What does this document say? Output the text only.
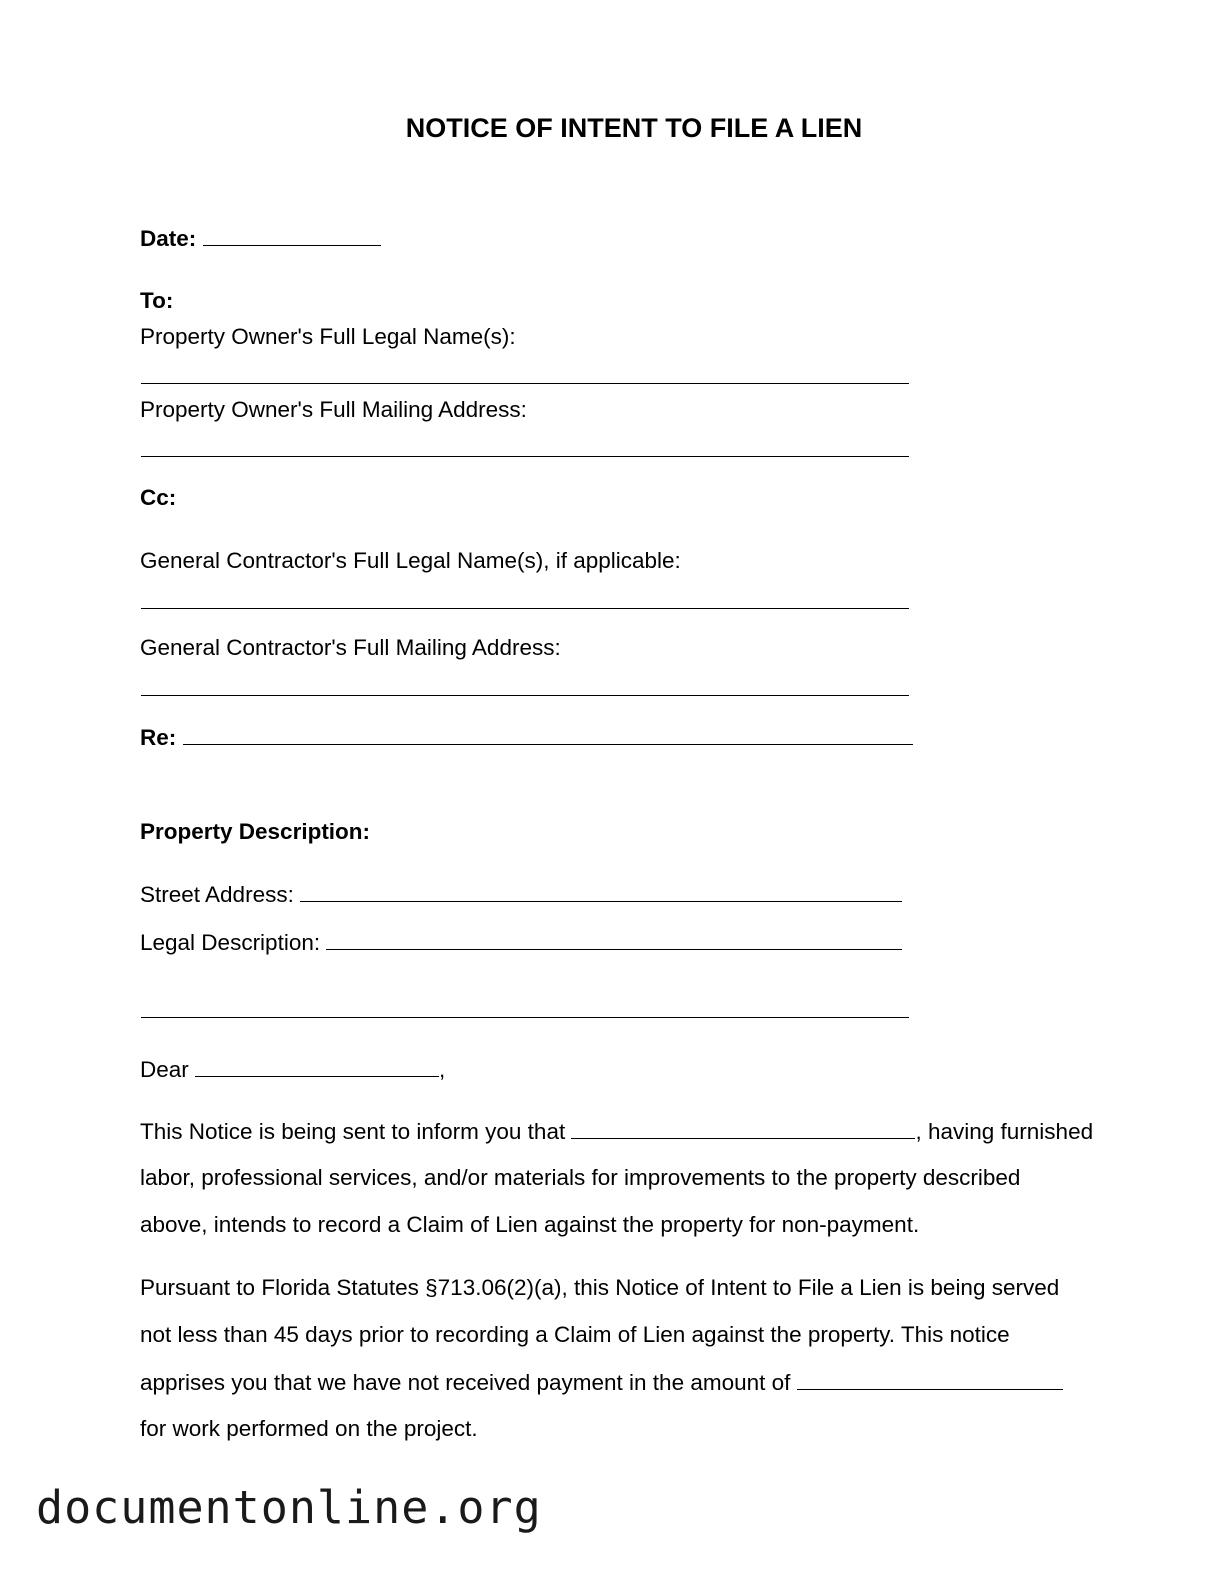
NOTICE OF INTENT TO FILE A LIEN
Date:
To:
Property Owner's Full Legal Name(s):
Property Owner's Full Mailing Address:
Cc:
General Contractor's Full Legal Name(s), if applicable:
General Contractor's Full Mailing Address:
Re:
Property Description:
Street Address:
Legal Description:
Dear	,
This Notice is being sent to inform you that	, having furnished
labor, professional services, and/or materials for improvements to the property described
above, intends to record a Claim of Lien against the property for non-payment.
Pursuant to Florida Statutes §713.06(2)(a), this Notice of Intent to File a Lien is being served
not less than 45 days prior to recording a Claim of Lien against the property. This notice
apprises you that we have not received payment in the amount of
for work performed on the project.
documentonline.org
